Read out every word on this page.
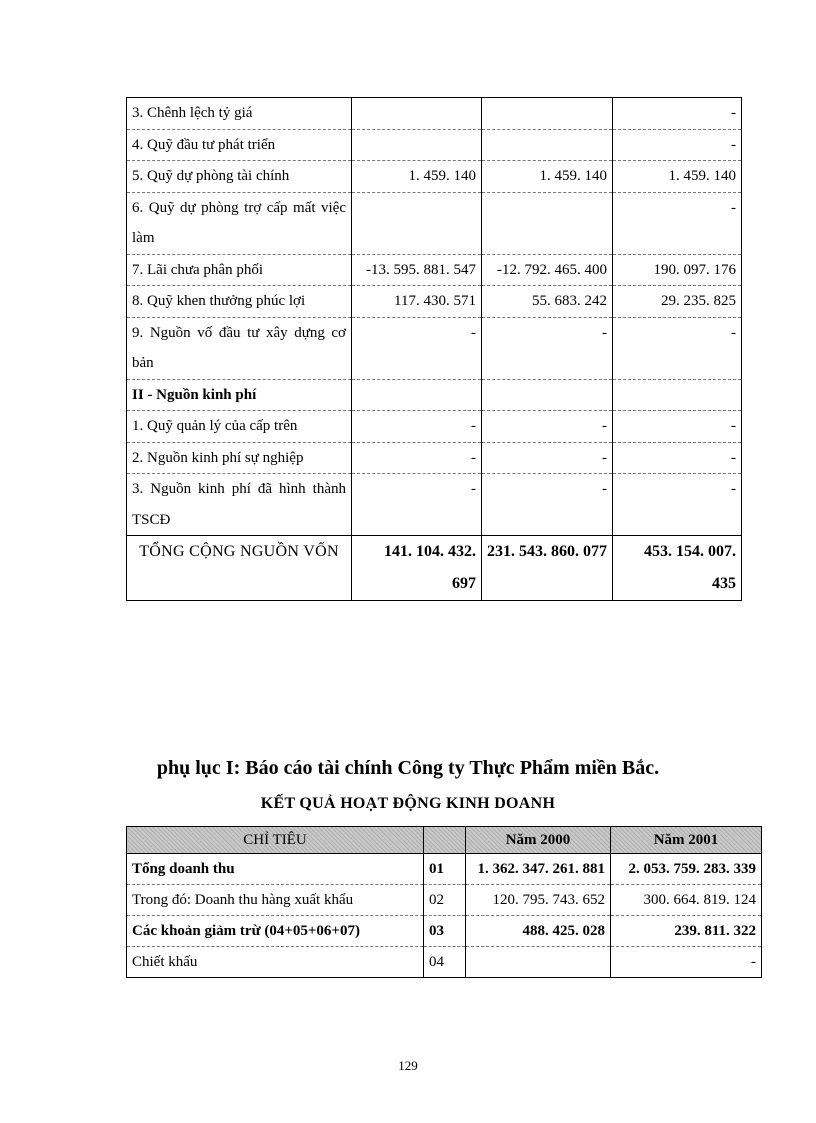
3. Chênh lệch tỷ giá			-
4. Quỹ đầu tư phát triển			-
5. Quỹ dự phòng tài chính	1. 459. 140	1. 459. 140	1. 459. 140
6. Quỹ dự phòng trợ cấp mất việc làm			-
7. Lãi chưa phân phối	-13. 595. 881. 547	-12. 792. 465. 400	190. 097. 176
8. Quỹ khen thưởng phúc lợi	117. 430. 571	55. 683. 242	29. 235. 825
9. Nguồn vố đầu tư xây dựng cơ bản	-	-	-
II - Nguồn kinh phí			
1. Quỹ quản lý của cấp trên	-	-	-
2. Nguồn kinh phí sự nghiệp	-	-	-
3. Nguồn kinh phí đã hình thành TSCĐ	-	-	-
TỔNG CỘNG NGUỒN VỐN	141. 104. 432. 697	231. 543. 860. 077	453. 154. 007. 435
phụ lục I: Báo cáo tài chính Công ty Thực Phẩm miền Bắc.
KẾT QUẢ HOẠT ĐỘNG KINH DOANH
CHỈ TIÊU		Năm 2000	Năm 2001
Tổng doanh thu	01	1. 362. 347. 261. 881	2. 053. 759. 283. 339
Trong đó: Doanh thu hàng xuất khẩu	02	120. 795. 743. 652	300. 664. 819. 124
Các khoản giảm trừ (04+05+06+07)	03	488. 425. 028	239. 811. 322
Chiết khấu	04		-
129
